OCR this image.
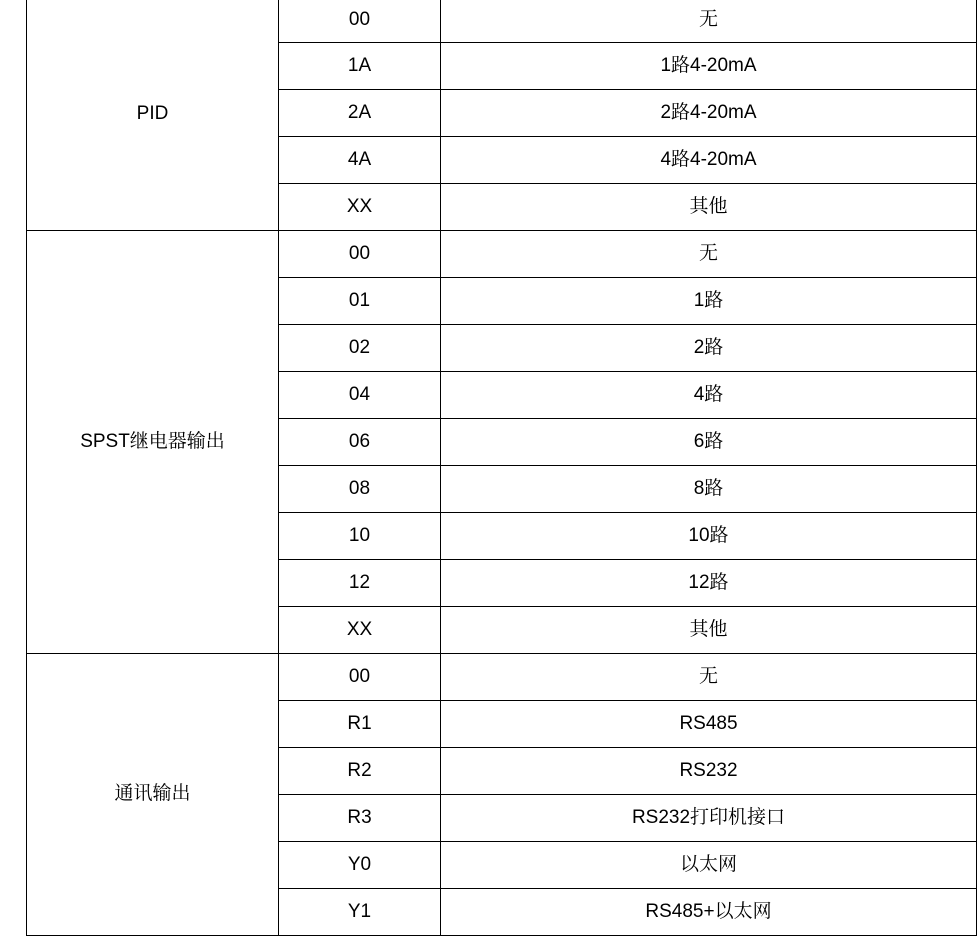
PID	00	无
	1A	1路4-20mA
	2A	2路4-20mA
	4A	4路4-20mA
	XX	其他
SPST继电器输出	00	无
	01	1路
	02	2路
	04	4路
	06	6路
	08	8路
	10	10路
	12	12路
	XX	其他
通讯输出	00	无
	R1	RS485
	R2	RS232
	R3	RS232打印机接口
	Y0	以太网
	Y1	RS485+以太网
